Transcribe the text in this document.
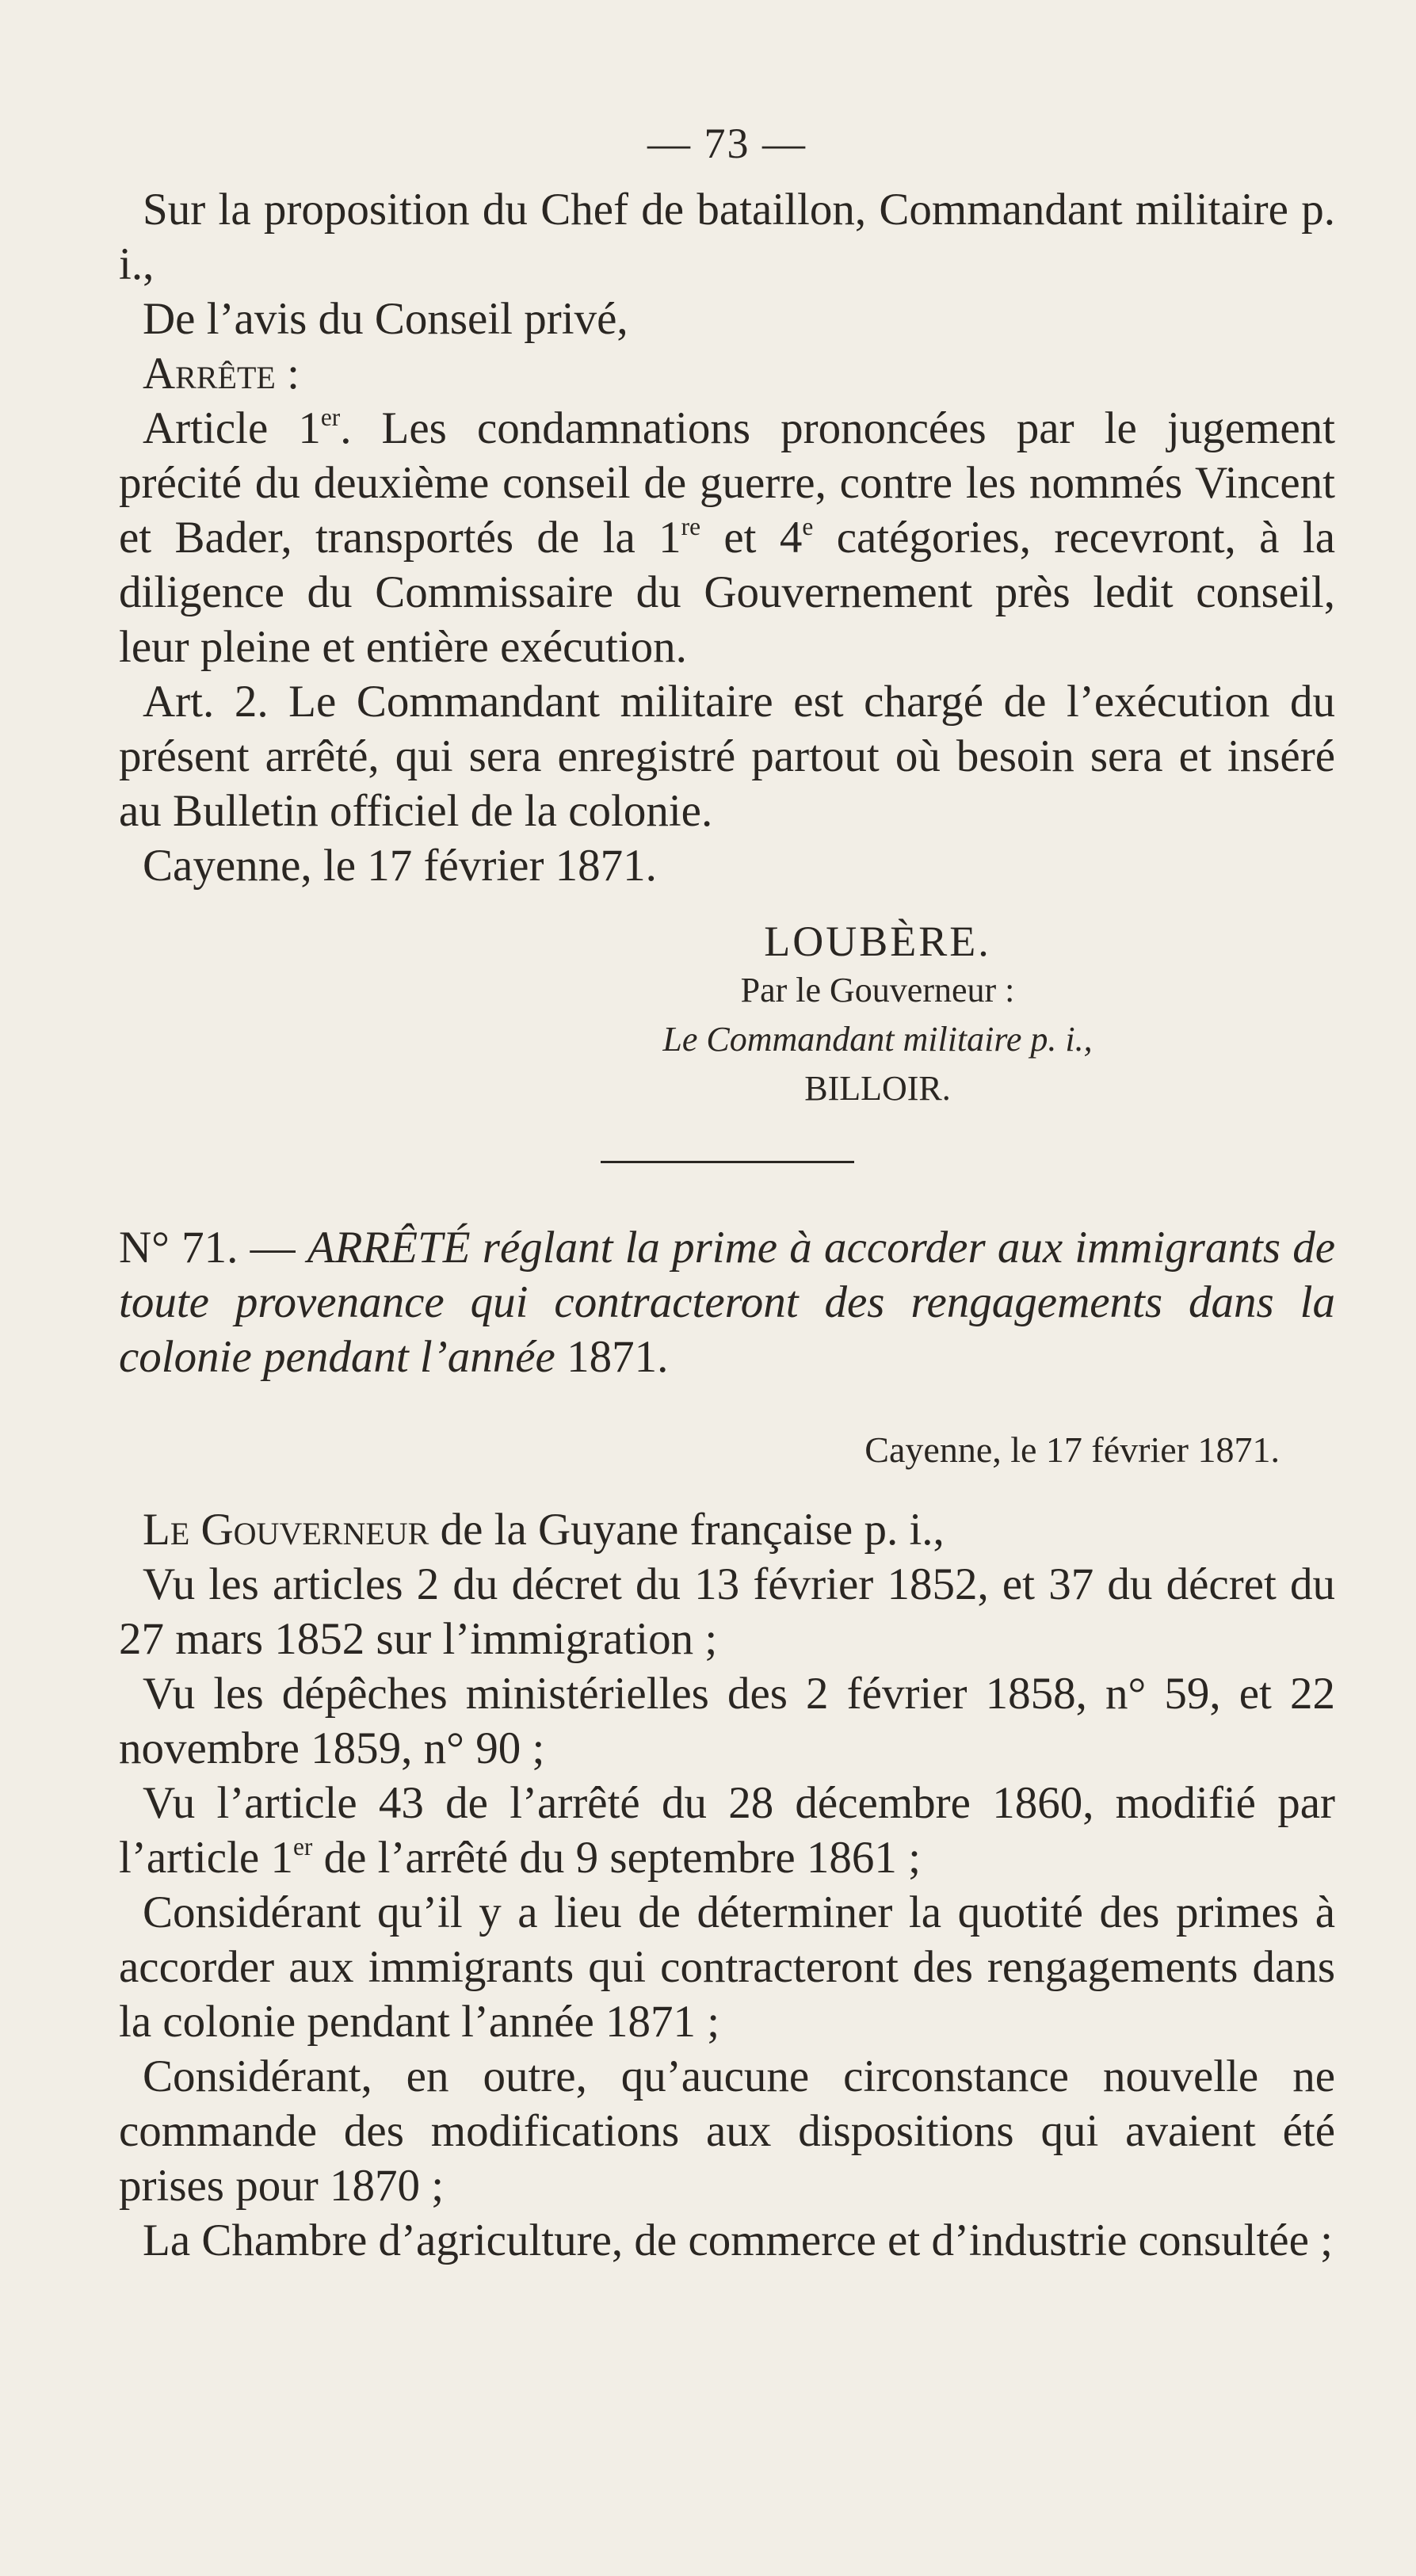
— 73 —

Sur la proposition du Chef de bataillon, Commandant militaire p. i.,

De l’avis du Conseil privé,

Arrête :

Article 1er. Les condamnations prononcées par le jugement précité du deuxième conseil de guerre, contre les nommés Vincent et Bader, transportés de la 1re et 4e catégories, recevront, à la diligence du Commissaire du Gouvernement près ledit conseil, leur pleine et entière exécution.

Art. 2. Le Commandant militaire est chargé de l’exécution du présent arrêté, qui sera enregistré partout où besoin sera et inséré au Bulletin officiel de la colonie.

Cayenne, le 17 février 1871.

LOUBÈRE.
Par le Gouverneur :
Le Commandant militaire p. i.,
BILLOIR.
N° 71. — ARRÊTÉ réglant la prime à accorder aux immigrants de toute provenance qui contracteront des rengagements dans la colonie pendant l’année 1871.
Cayenne, le 17 février 1871.

Le Gouverneur de la Guyane française p. i.,

Vu les articles 2 du décret du 13 février 1852, et 37 du décret du 27 mars 1852 sur l’immigration ;

Vu les dépêches ministérielles des 2 février 1858, n° 59, et 22 novembre 1859, n° 90 ;

Vu l’article 43 de l’arrêté du 28 décembre 1860, modifié par l’article 1er de l’arrêté du 9 septembre 1861 ;

Considérant qu’il y a lieu de déterminer la quotité des primes à accorder aux immigrants qui contracteront des rengagements dans la colonie pendant l’année 1871 ;

Considérant, en outre, qu’aucune circonstance nouvelle ne commande des modifications aux dispositions qui avaient été prises pour 1870 ;

La Chambre d’agriculture, de commerce et d’industrie consultée ;
